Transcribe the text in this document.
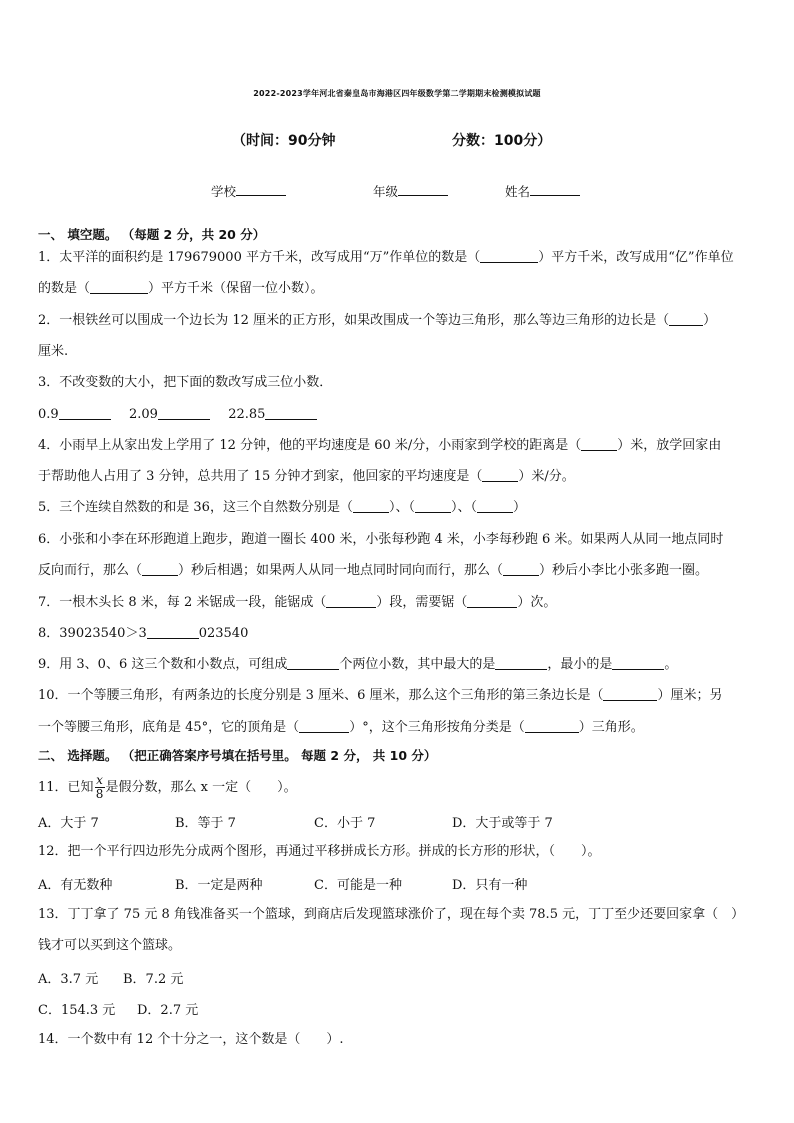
2022-2023学年河北省秦皇岛市海港区四年级数学第二学期期末检测模拟试题
（时间：90分钟	分数：100分）
学校	年级	姓名
一、 填空题。 （每题 2 分，共 20 分）
1．太平洋的面积约是 179679000 平方千米，改写成用“万”作单位的数是（	）平方千米，改写成用“亿”作单位
的数是（	）平方千米（保留一位小数）。
2．一根铁丝可以围成一个边长为 12 厘米的正方形，如果改围成一个等边三角形，那么等边三角形的边长是（	）
厘米.
3．不改变数的大小，把下面的数改写成三位小数．
0.9	2.09	22.85
4．小雨早上从家出发上学用了 12 分钟，他的平均速度是 60 米/分，小雨家到学校的距离是（	）米，放学回家由
于帮助他人占用了 3 分钟，总共用了 15 分钟才到家，他回家的平均速度是（	）米/分。
5．三个连续自然数的和是 36，这三个自然数分别是（	）、（	）、（	）
6．小张和小李在环形跑道上跑步，跑道一圈长 400 米，小张每秒跑 4 米，小李每秒跑 6 米。如果两人从同一地点同时
反向而行，那么（	）秒后相遇；如果两人从同一地点同时同向而行，那么（	）秒后小李比小张多跑一圈。
7．一根木头长 8 米，每 2 米锯成一段，能锯成（	）段，需要锯（	）次。
8．39023540＞3	023540
9．用 3、0、6 这三个数和小数点，可组成	个两位小数，其中最大的是	，最小的是	。
10．一个等腰三角形，有两条边的长度分别是 3 厘米、6 厘米，那么这个三角形的第三条边长是（	）厘米；另
一个等腰三角形，底角是 45°，它的顶角是（	）°，这个三角形按角分类是（	）三角形。
二、 选择题。 （把正确答案序号填在括号里。 每题 2 分， 共 10 分）
11．已知 $\frac{x}{8}$ 是假分数，那么 x 一定（　　）。
A．大于 7	B．等于 7	C．小于 7	D．大于或等于 7
12．把一个平行四边形先分成两个图形，再通过平移拼成长方形。拼成的长方形的形状，（　　）。
A．有无数种	B．一定是两种	C．可能是一种	D．只有一种
13．丁丁拿了 75 元 8 角钱准备买一个篮球，到商店后发现篮球涨价了，现在每个卖 78.5 元，丁丁至少还要回家拿（　）
钱才可以买到这个篮球。
A．3.7 元 B．7.2 元
C．154.3 元 D．2.7 元
14．一个数中有 12 个十分之一，这个数是（　　）.
